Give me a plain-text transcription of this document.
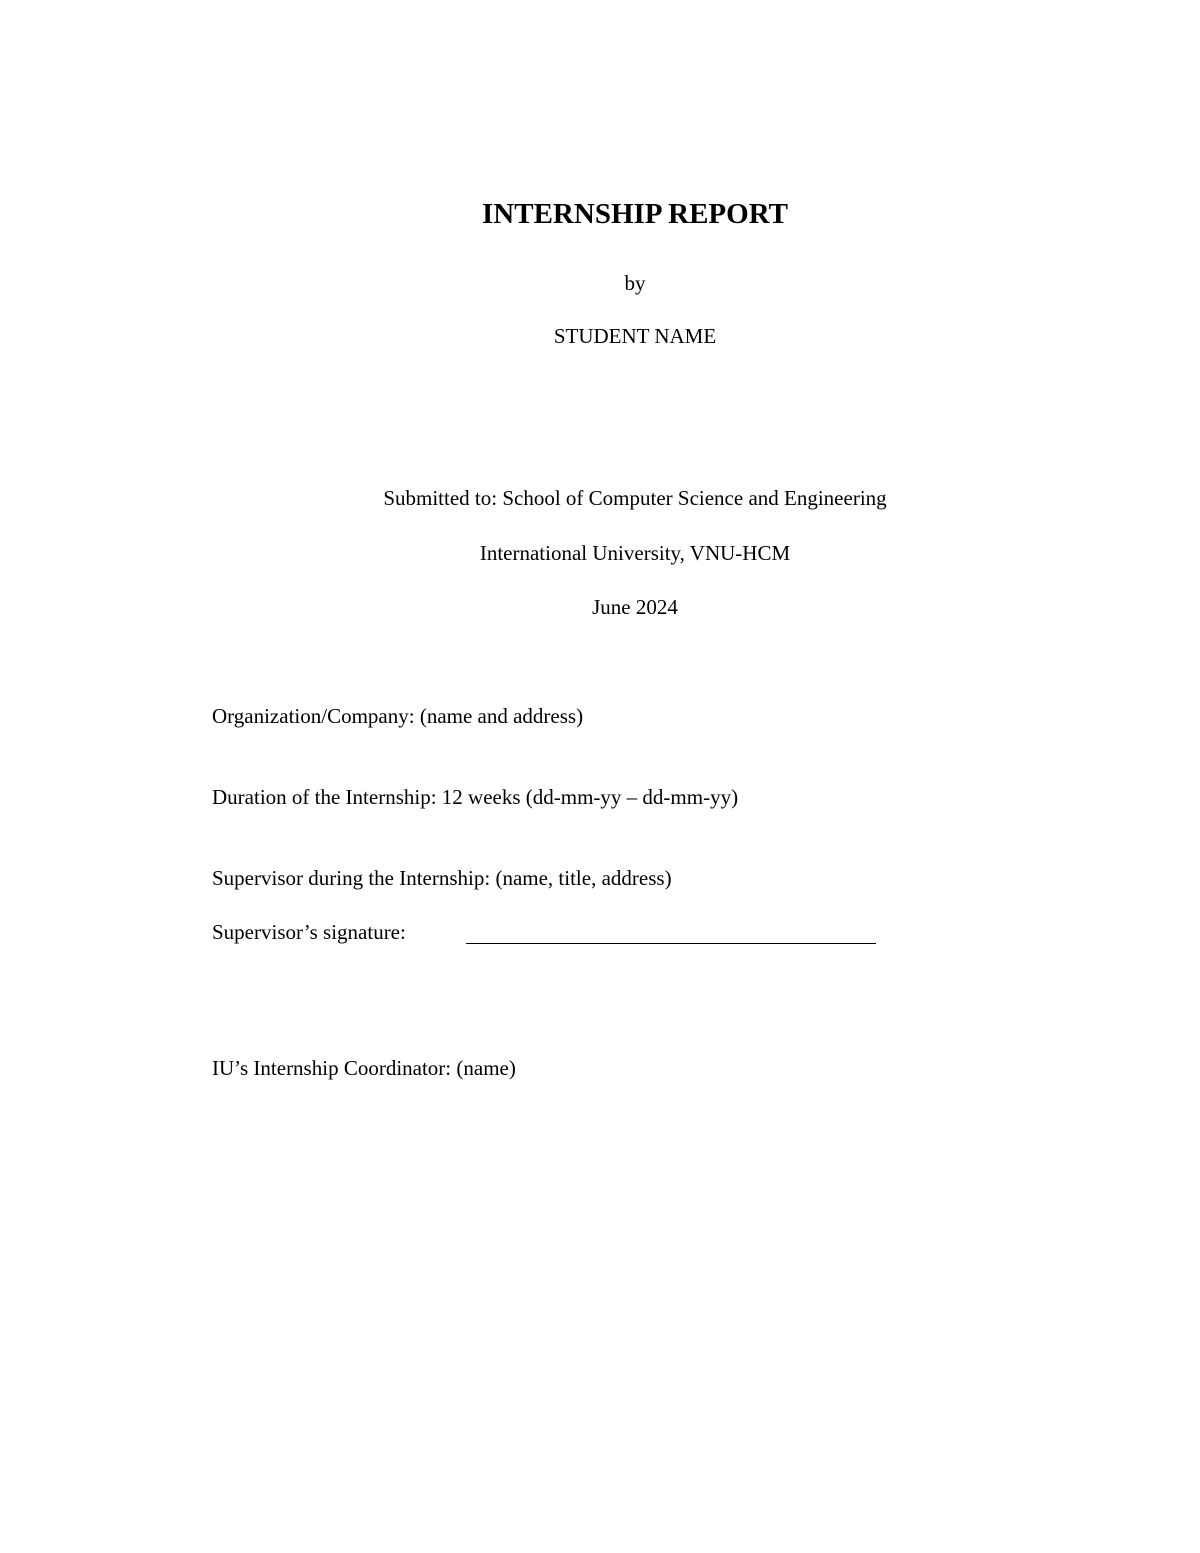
INTERNSHIP REPORT

by

STUDENT NAME

Submitted to: School of Computer Science and Engineering

International University, VNU-HCM

June 2024

Organization/Company: (name and address)

Duration of the Internship: 12 weeks (dd-mm-yy – dd-mm-yy)

Supervisor during the Internship: (name, title, address)

Supervisor’s signature:

IU’s Internship Coordinator: (name)
